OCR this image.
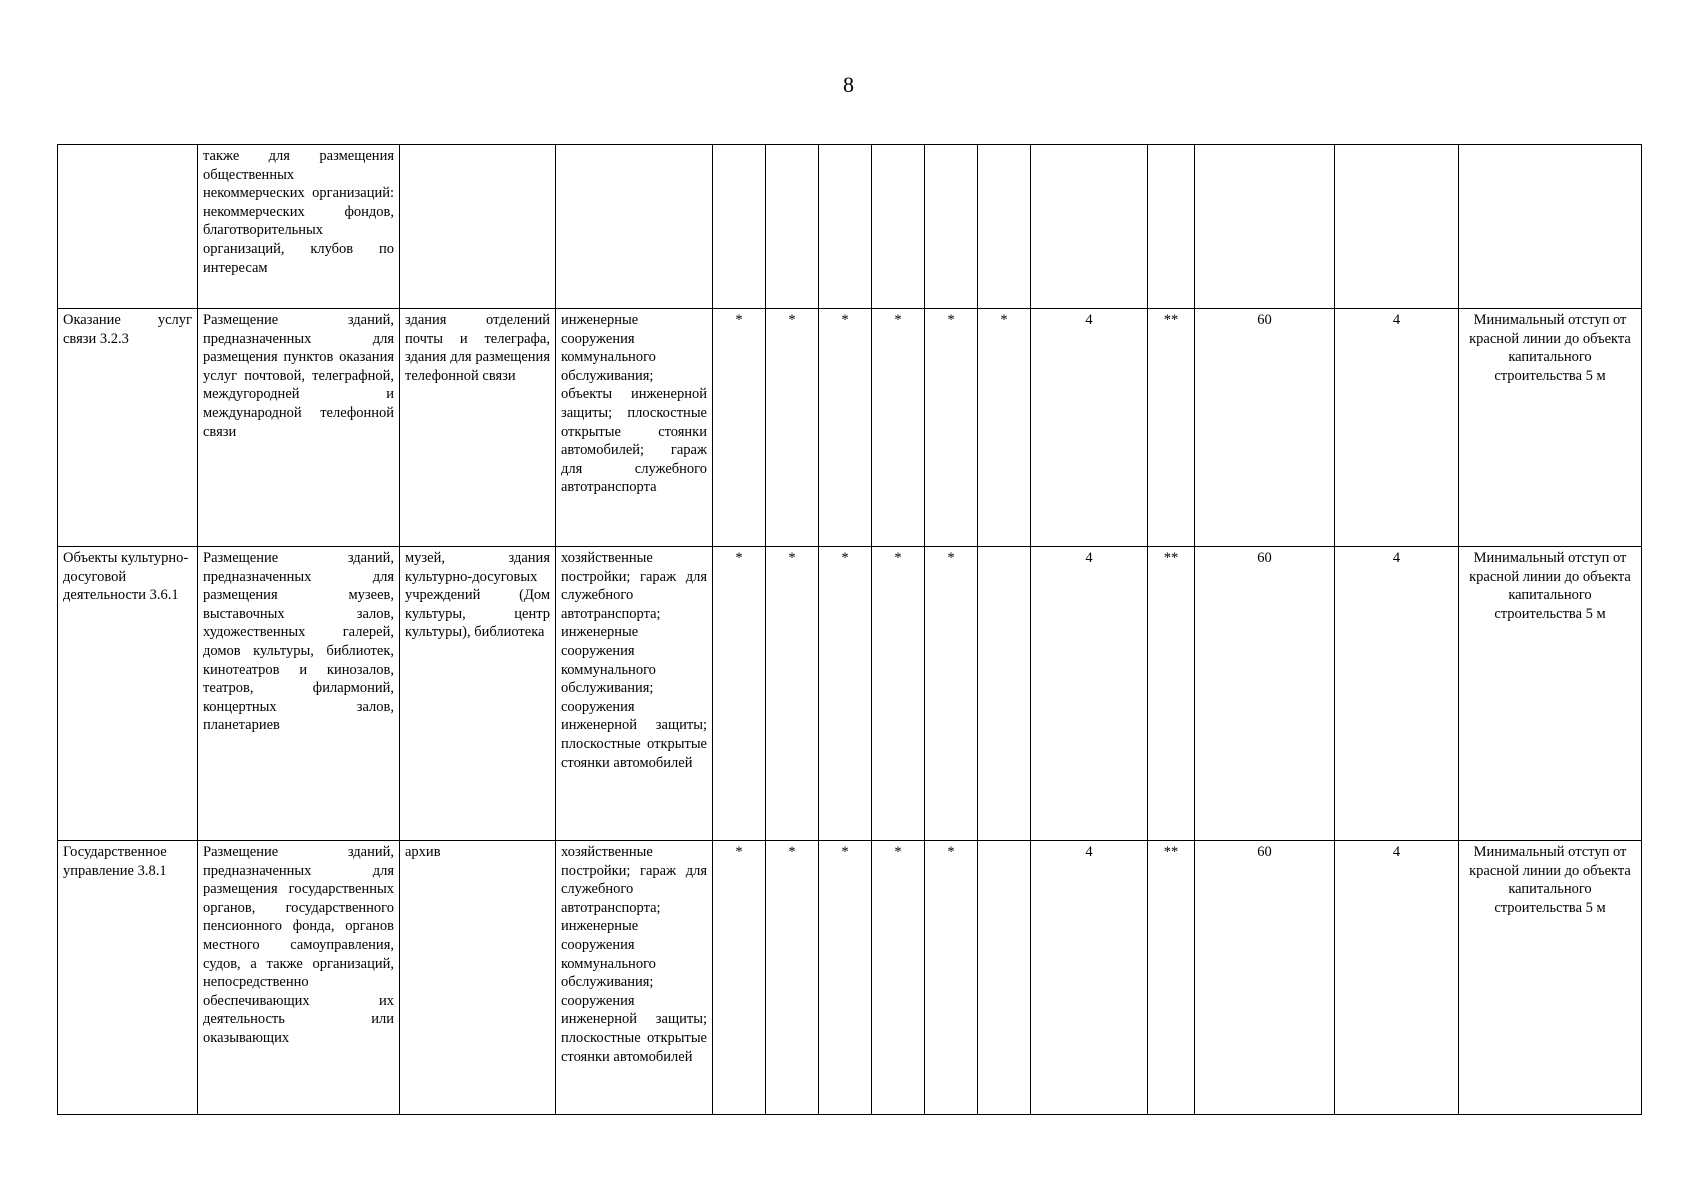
8
	также для размещения общественных некоммерческих организаций: некоммерческих фондов, благотворительных организаций, клубов по интересам													
Оказание услуг связи 3.2.3	Размещение зданий, предназначенных для размещения пунктов оказания услуг почтовой, телеграфной, междугородней и международной телефонной связи	здания отделений почты и телеграфа, здания для размещения телефонной связи	инженерные сооружения коммунального обслуживания; объекты инженерной защиты; плоскостные открытые стоянки автомобилей; гараж для служебного автотранспорта	*	*	*	*	*	*	4	**	60	4	Минимальный отступ от красной линии до объекта капитального строительства 5 м
Объекты культурно-досуговой деятельности 3.6.1	Размещение зданий, предназначенных для размещения музеев, выставочных залов, художественных галерей, домов культуры, библиотек, кинотеатров и кинозалов, театров, филармоний, концертных залов, планетариев	музей, здания культурно-досуговых учреждений (Дом культуры, центр культуры), библиотека	хозяйственные постройки; гараж для служебного автотранспорта; инженерные сооружения коммунального обслуживания; сооружения инженерной защиты; плоскостные открытые стоянки автомобилей	*	*	*	*	*		4	**	60	4	Минимальный отступ от красной линии до объекта капитального строительства 5 м
Государственное управление 3.8.1	Размещение зданий, предназначенных для размещения государственных органов, государственного пенсионного фонда, органов местного самоуправления, судов, а также организаций, непосредственно обеспечивающих их деятельность или оказывающих	архив	хозяйственные постройки; гараж для служебного автотранспорта; инженерные сооружения коммунального обслуживания; сооружения инженерной защиты; плоскостные открытые стоянки автомобилей	*	*	*	*	*		4	**	60	4	Минимальный отступ от красной линии до объекта капитального строительства 5 м
